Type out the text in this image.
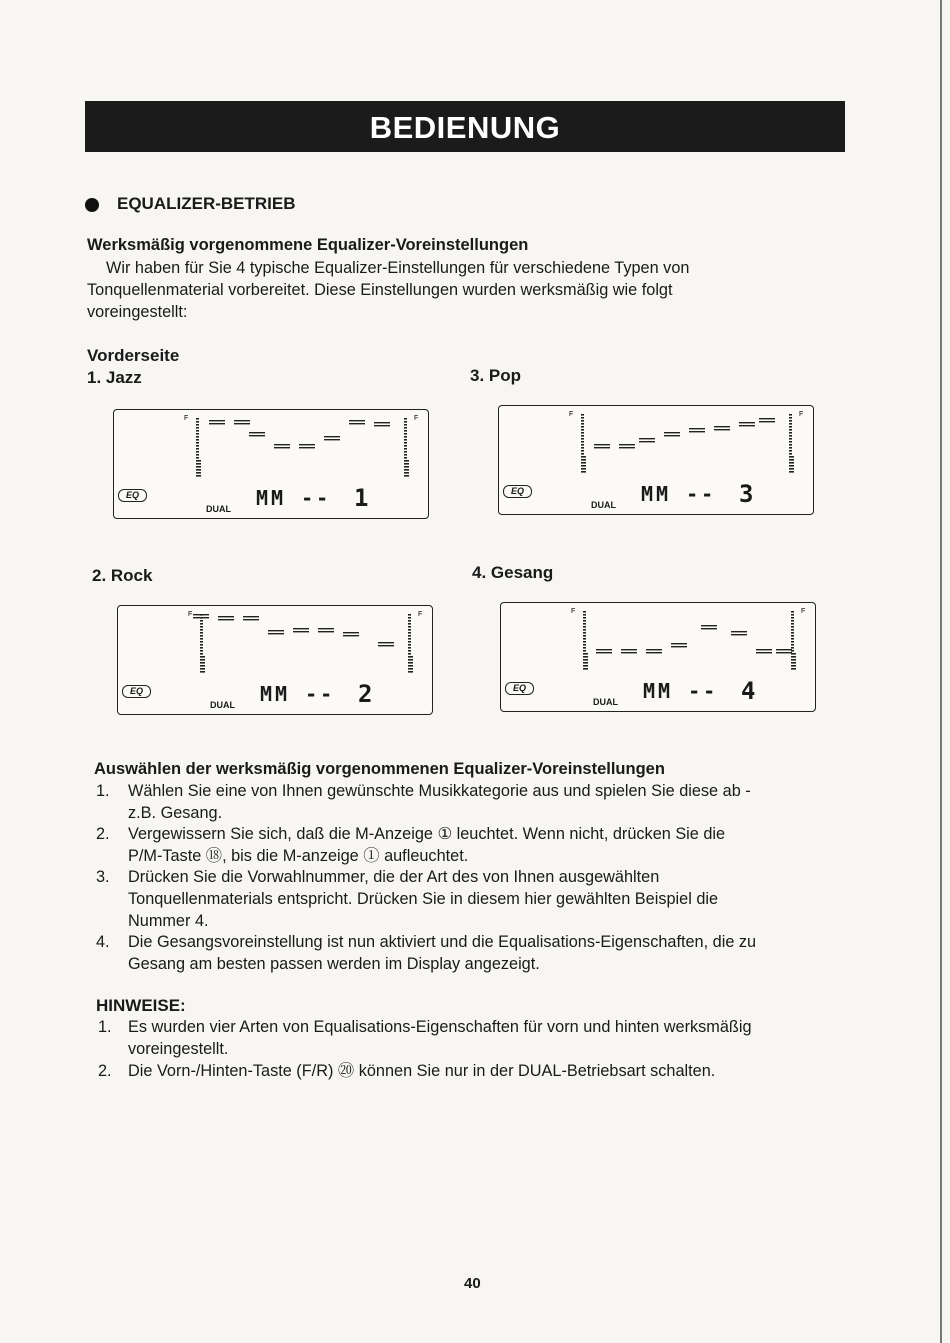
BEDIENUNG
EQUALIZER-BETRIEB
Werksmäßig vorgenommene Equalizer-Voreinstellungen
Wir haben für Sie 4 typische Equalizer-Einstellungen für verschiedene Typen von
Tonquellenmaterial vorbereitet. Diese Einstellungen wurden werksmäßig wie folgt
voreingestellt:
Vorderseite
1. Jazz	3. Pop
2. Rock	4. Gesang
F	F
EQ
DUAL MM -- 1
F	F
EQ
DUAL MM -- 3
F	F
EQ
DUAL MM -- 2
F	F
EQ
DUAL MM -- 4
Auswählen der werksmäßig vorgenommenen Equalizer-Voreinstellungen
1.	Wählen Sie eine von Ihnen gewünschte Musikkategorie aus und spielen Sie diese ab -
z.B. Gesang.
2.	Vergewissern Sie sich, daß die M-Anzeige ① leuchtet. Wenn nicht, drücken Sie die
P/M-Taste ⑱, bis die M-anzeige ① aufleuchtet.
3.	Drücken Sie die Vorwahlnummer, die der Art des von Ihnen ausgewählten
Tonquellenmaterials entspricht. Drücken Sie in diesem hier gewählten Beispiel die
Nummer 4.
4.	Die Gesangsvoreinstellung ist nun aktiviert und die Equalisations-Eigenschaften, die zu
Gesang am besten passen werden im Display angezeigt.
HINWEISE:
1.	Es wurden vier Arten von Equalisations-Eigenschaften für vorn und hinten werksmäßig
voreingestellt.
2.	Die Vorn-/Hinten-Taste (F/R) ⑳ können Sie nur in der DUAL-Betriebsart schalten.
40
